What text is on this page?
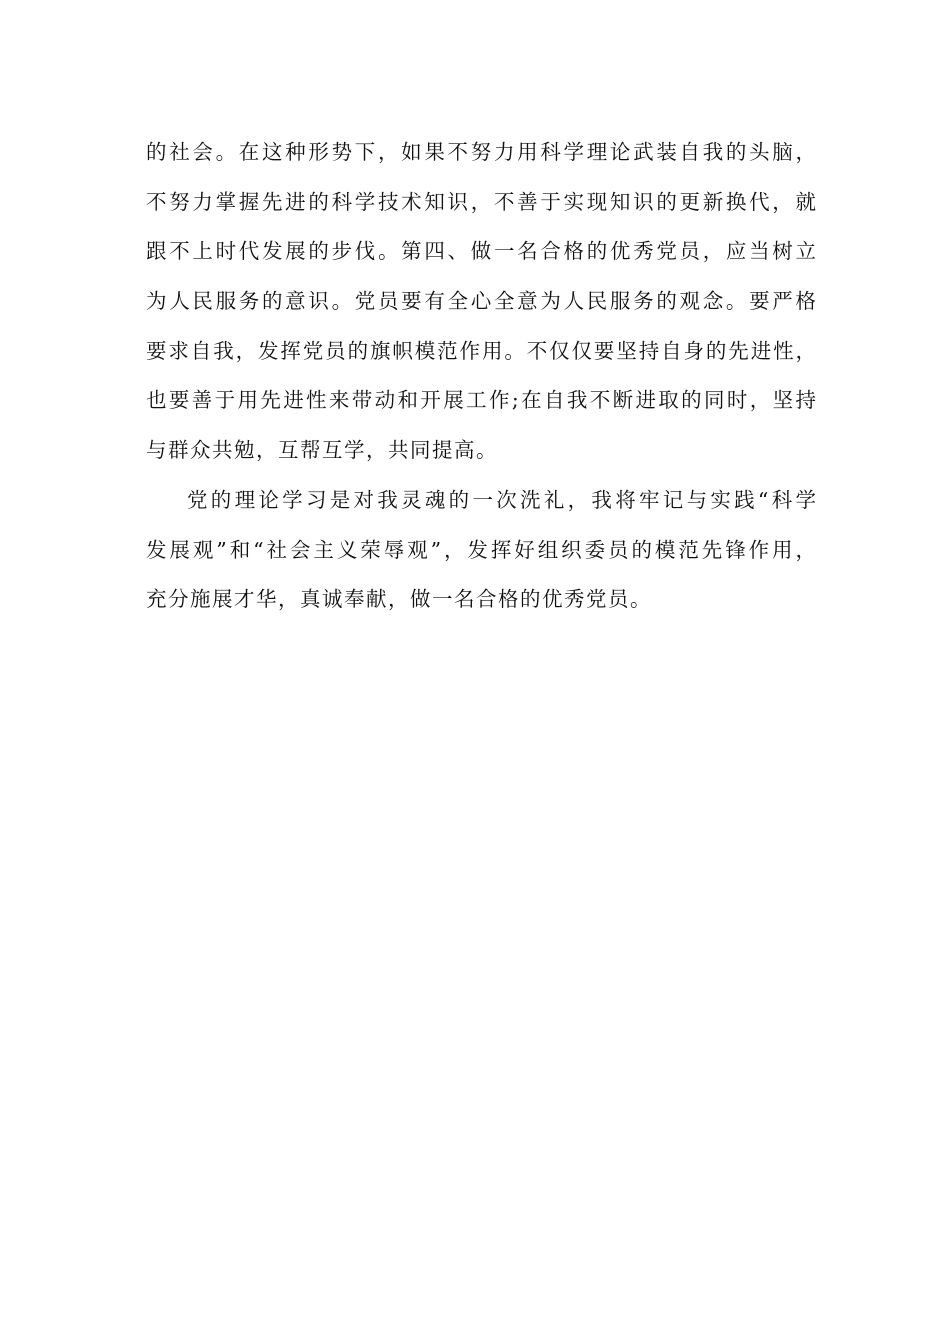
的社会。在这种形势下，如果不努力用科学理论武装自我的头脑，
不努力掌握先进的科学技术知识，不善于实现知识的更新换代，就
跟不上时代发展的步伐。第四、做一名合格的优秀党员，应当树立
为人民服务的意识。党员要有全心全意为人民服务的观念。要严格
要求自我，发挥党员的旗帜模范作用。不仅仅要坚持自身的先进性，
也要善于用先进性来带动和开展工作;在自我不断进取的同时，坚持
与群众共勉，互帮互学，共同提高。
党的理论学习是对我灵魂的一次洗礼，我将牢记与实践“科学
发展观”和“社会主义荣辱观”，发挥好组织委员的模范先锋作用，
充分施展才华，真诚奉献，做一名合格的优秀党员。
